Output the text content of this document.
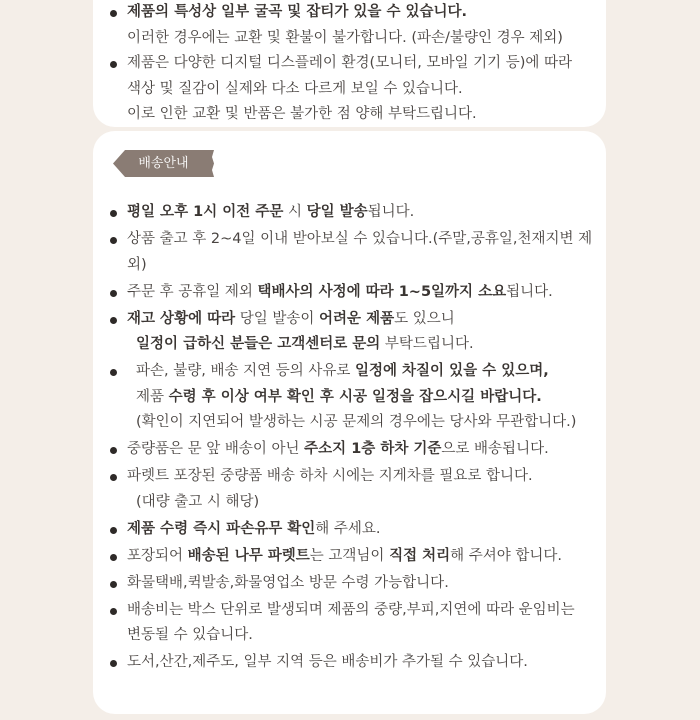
제품의 특성상 일부 굴곡 및 잡티가 있을 수 있습니다.
이러한 경우에는 교환 및 환불이 불가합니다. (파손/불량인 경우 제외)
제품은 다양한 디지털 디스플레이 환경(모니터, 모바일 기기 등)에 따라
색상 및 질감이 실제와 다소 다르게 보일 수 있습니다.
이로 인한 교환 및 반품은 불가한 점 양해 부탁드립니다.
평일 오후 1시 이전 주문 시 당일 발송됩니다.
상품 출고 후 2~4일 이내 받아보실 수 있습니다.(주말,공휴일,천재지변 제
외)
주문 후 공휴일 제외 택배사의 사정에 따라 1~5일까지 소요됩니다.
재고 상황에 따라 당일 발송이 어려운 제품도 있으니
일정이 급하신 분들은 고객센터로 문의 부탁드립니다.
파손, 불량, 배송 지연 등의 사유로 일정에 차질이 있을 수 있으며,
제품 수령 후 이상 여부 확인 후 시공 일정을 잡으시길 바랍니다.
(확인이 지연되어 발생하는 시공 문제의 경우에는 당사와 무관합니다.)
중량품은 문 앞 배송이 아닌 주소지 1층 하차 기준으로 배송됩니다.
파렛트 포장된 중량품 배송 하차 시에는 지게차를 필요로 합니다.
(대량 출고 시 해당)
제품 수령 즉시 파손유무 확인해 주세요.
포장되어 배송된 나무 파렛트는 고객님이 직접 처리해 주셔야 합니다.
화물택배,퀵발송,화물영업소 방문 수령 가능합니다.
배송비는 박스 단위로 발생되며 제품의 중량,부피,지연에 따라 운임비는
변동될 수 있습니다.
도서,산간,제주도, 일부 지역 등은 배송비가 추가될 수 있습니다.
배송안내
